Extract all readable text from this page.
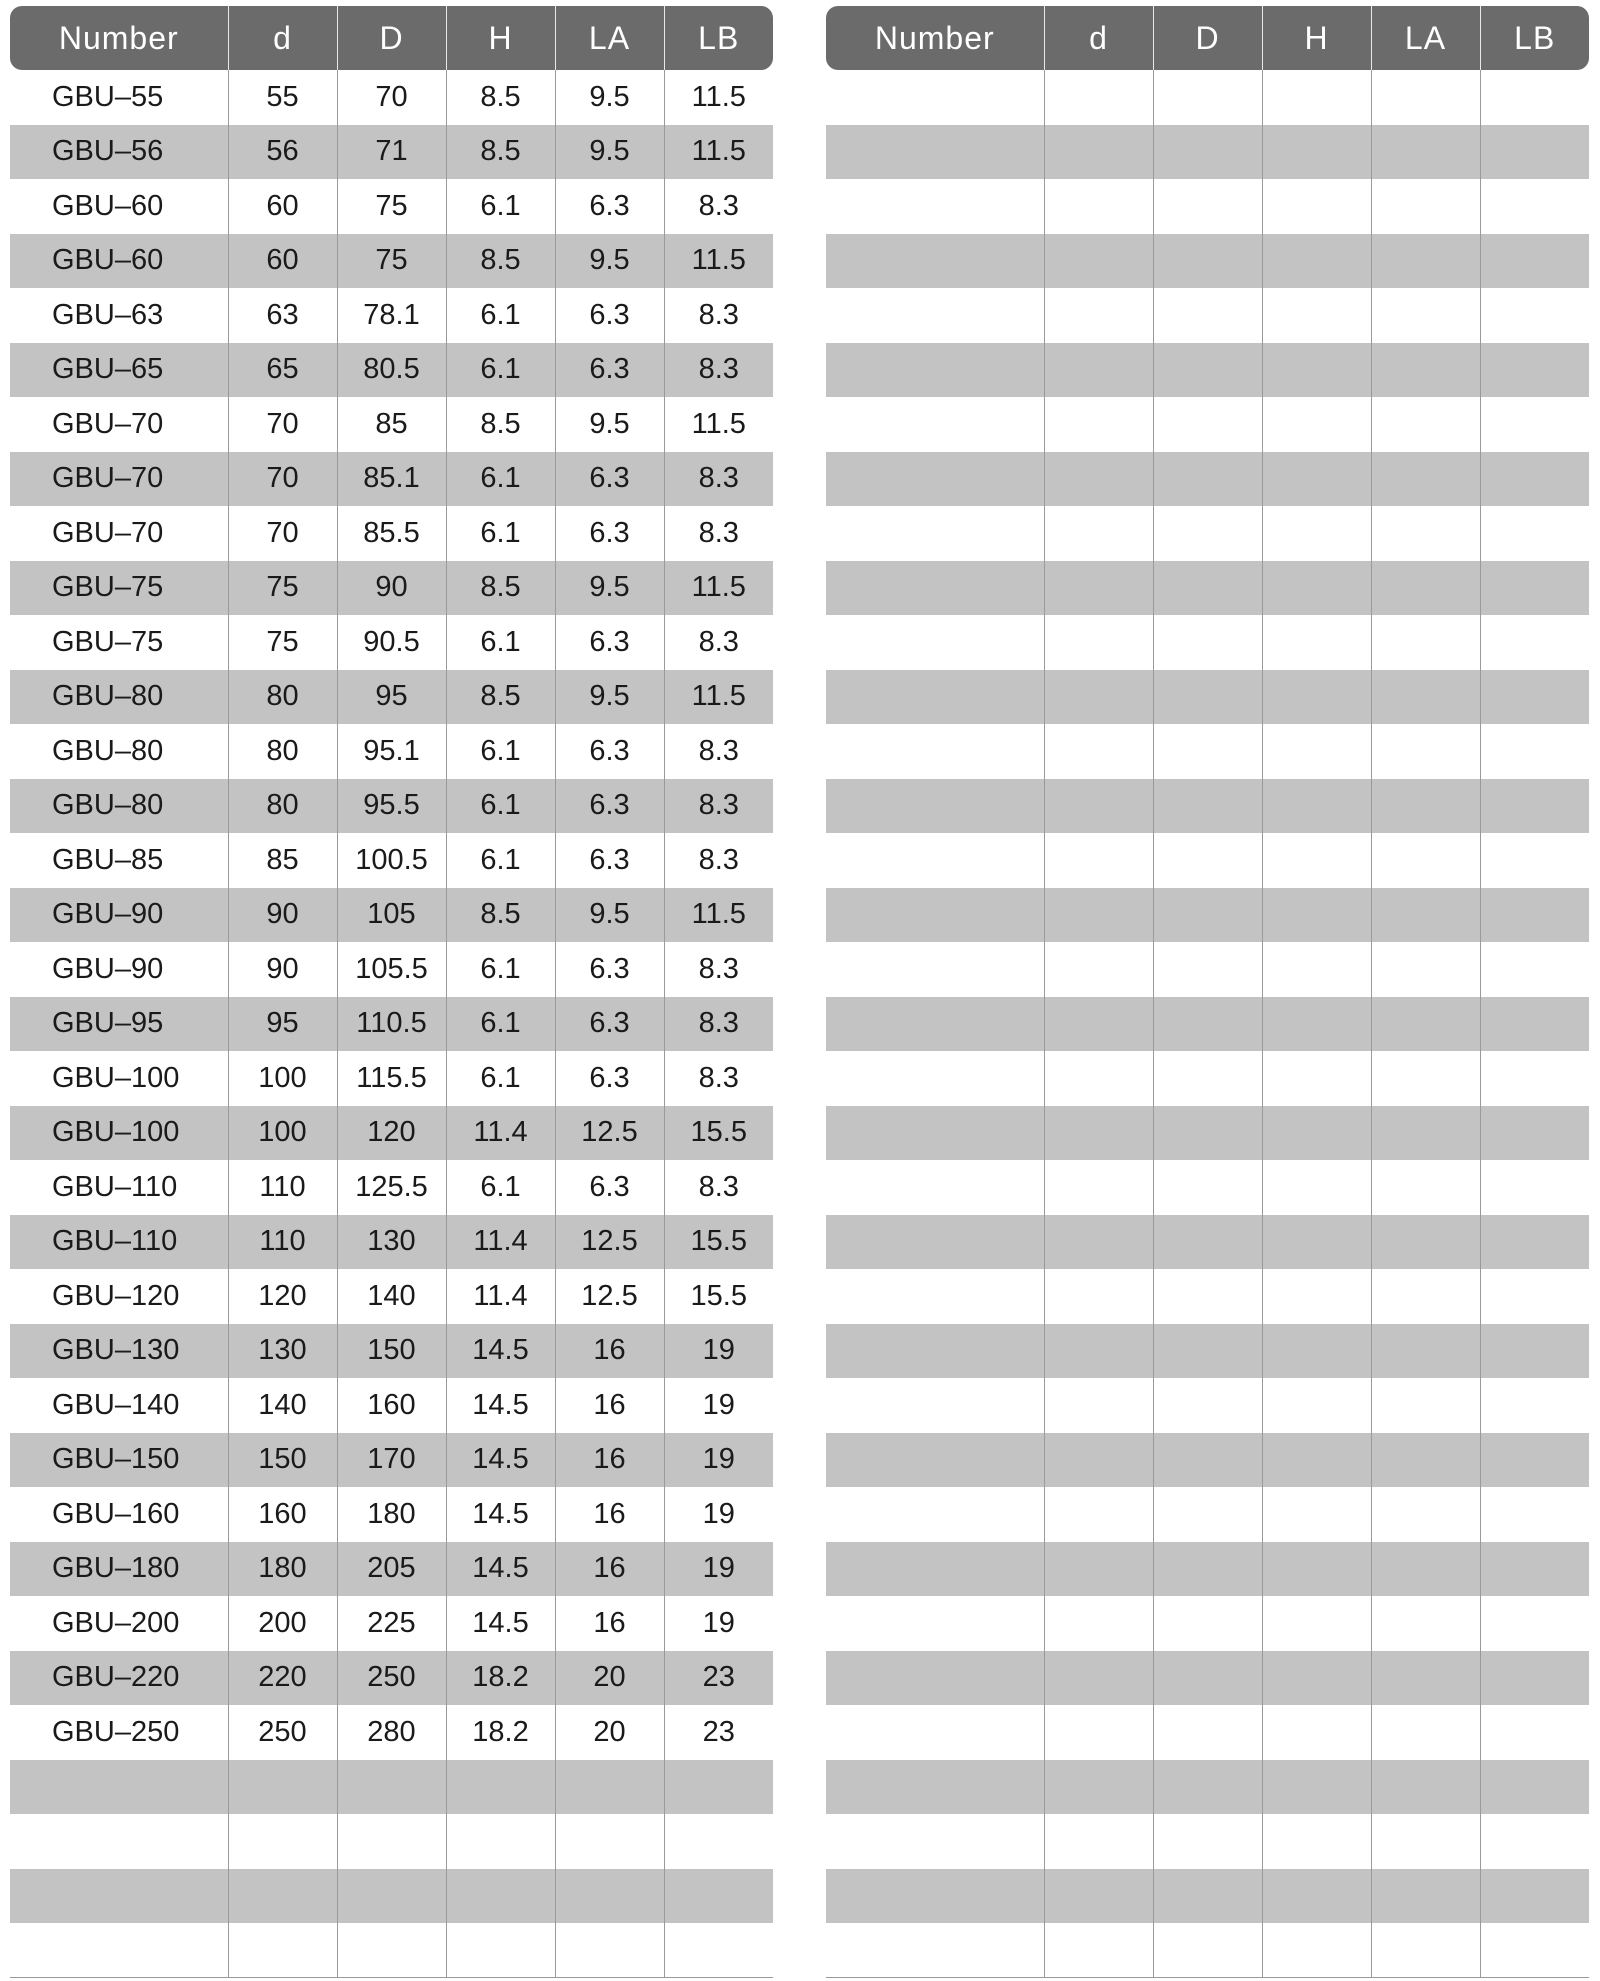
Number	d	D	H	LA	LB
GBU–55	55	70	8.5	9.5	11.5
GBU–56	56	71	8.5	9.5	11.5
GBU–60	60	75	6.1	6.3	8.3
GBU–60	60	75	8.5	9.5	11.5
GBU–63	63	78.1	6.1	6.3	8.3
GBU–65	65	80.5	6.1	6.3	8.3
GBU–70	70	85	8.5	9.5	11.5
GBU–70	70	85.1	6.1	6.3	8.3
GBU–70	70	85.5	6.1	6.3	8.3
GBU–75	75	90	8.5	9.5	11.5
GBU–75	75	90.5	6.1	6.3	8.3
GBU–80	80	95	8.5	9.5	11.5
GBU–80	80	95.1	6.1	6.3	8.3
GBU–80	80	95.5	6.1	6.3	8.3
GBU–85	85	100.5	6.1	6.3	8.3
GBU–90	90	105	8.5	9.5	11.5
GBU–90	90	105.5	6.1	6.3	8.3
GBU–95	95	110.5	6.1	6.3	8.3
GBU–100	100	115.5	6.1	6.3	8.3
GBU–100	100	120	11.4	12.5	15.5
GBU–110	110	125.5	6.1	6.3	8.3
GBU–110	110	130	11.4	12.5	15.5
GBU–120	120	140	11.4	12.5	15.5
GBU–130	130	150	14.5	16	19
GBU–140	140	160	14.5	16	19
GBU–150	150	170	14.5	16	19
GBU–160	160	180	14.5	16	19
GBU–180	180	205	14.5	16	19
GBU–200	200	225	14.5	16	19
GBU–220	220	250	18.2	20	23
GBU–250	250	280	18.2	20	23

Number	d	D	H	LA	LB
